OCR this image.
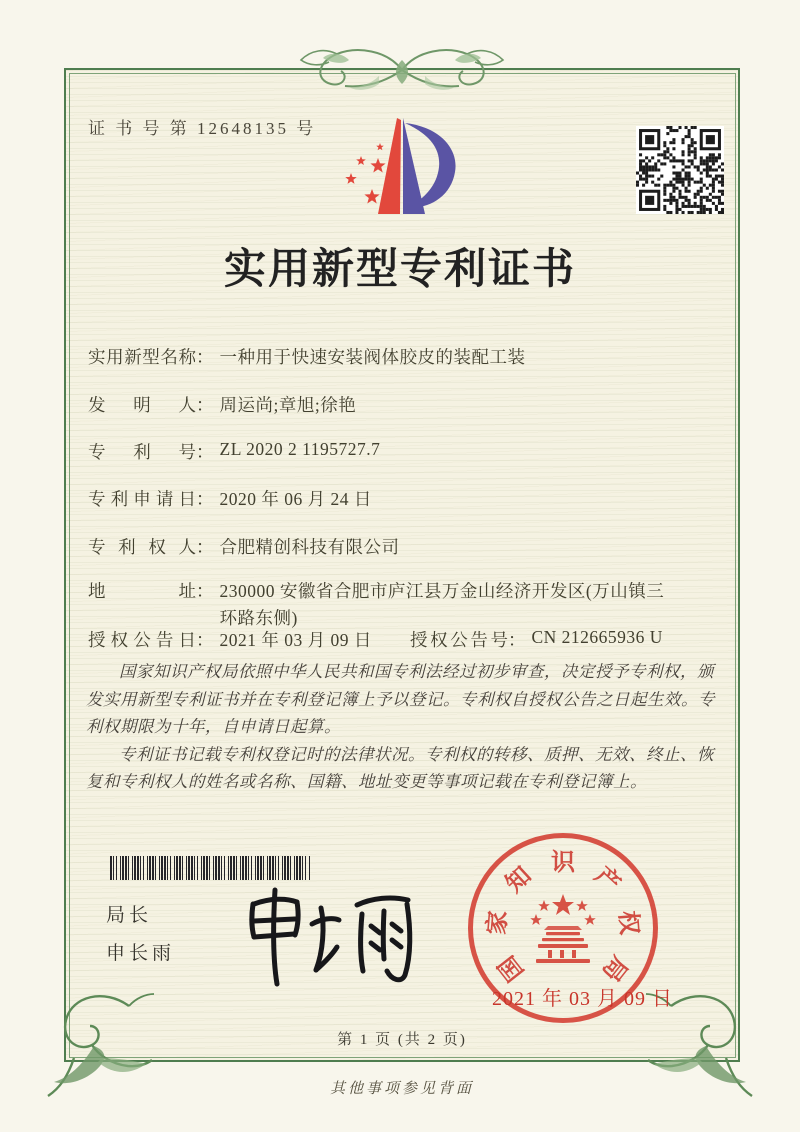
证 书 号 第 12648135 号
实用新型专利证书
实用新型名称 ： 一种用于快速安装阀体胶皮的装配工装
发明人 ： 周运尚;章旭;徐艳
专利号 ： ZL 2020 2 1195727.7
专利申请日 ： 2020 年 06 月 24 日
专利权人 ： 合肥精创科技有限公司
地址 ： 230000 安徽省合肥市庐江县万金山经济开发区(万山镇三环路东侧)
授权公告日 ： 2021 年 03 月 09 日 授权公告号 ： CN 212665936 U

国家知识产权局依照中华人民共和国专利法经过初步审查，决定授予专利权，颁发实用新型专利证书并在专利登记簿上予以登记。专利权自授权公告之日起生效。专利权期限为十年，自申请日起算。

专利证书记载专利权登记时的法律状况。专利权的转移、质押、无效、终止、恢复和专利权人的姓名或名称、国籍、地址变更等事项记载在专利登记簿上。

局长
申长雨	国
家
知 识 产
权
局
2021 年 03 月 09 日
第 1 页 (共 2 页)
其他事项参见背面
